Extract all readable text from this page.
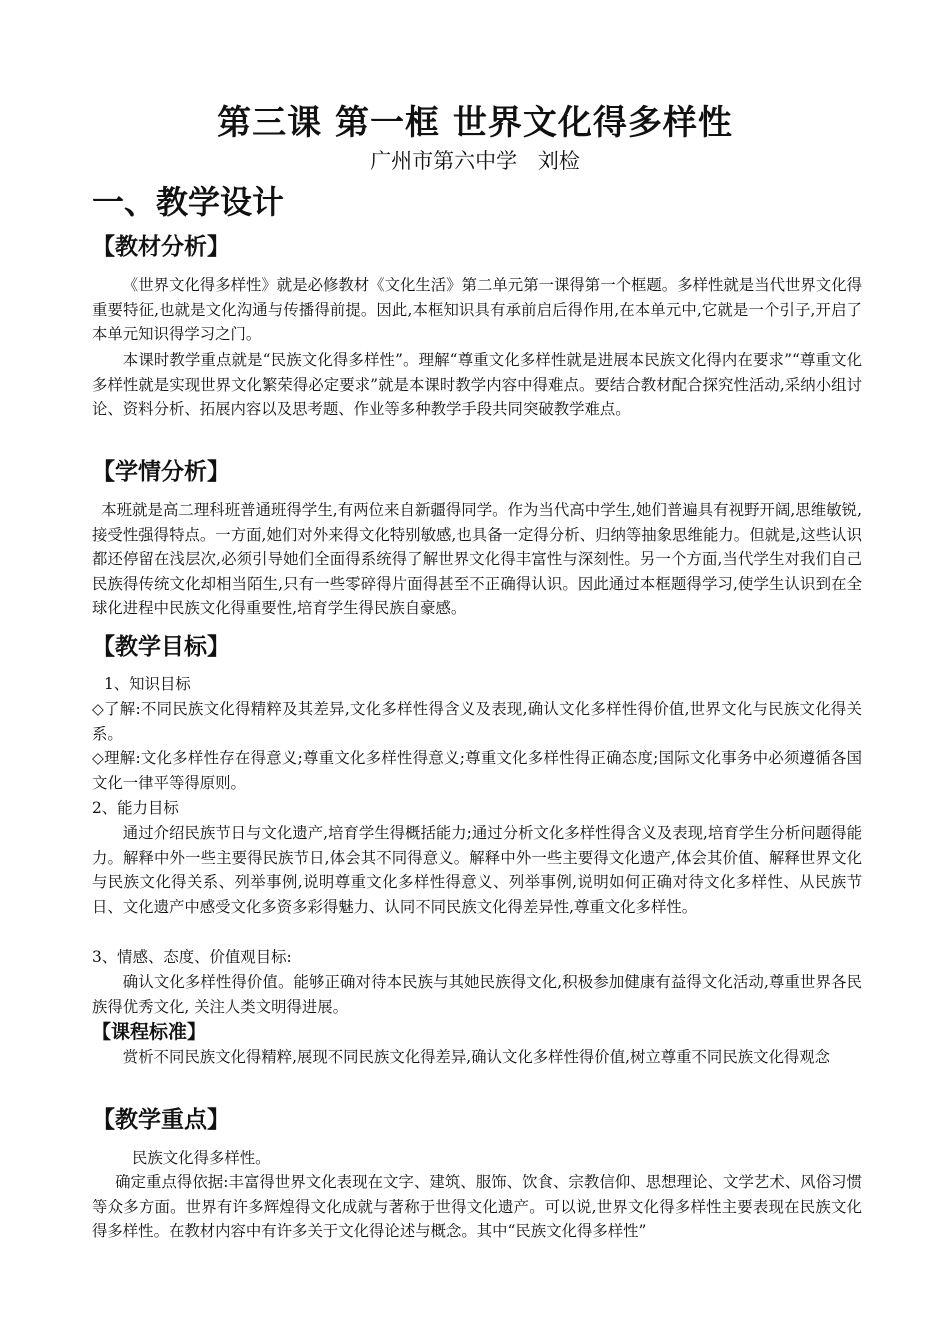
第三课 第一框 世界文化得多样性
广州市第六中学 刘检
一、教学设计
【教材分析】

《世界文化得多样性》就是必修教材《文化生活》第二单元第一课得第一个框题。多样性就是当代世界文化得重要特征,也就是文化沟通与传播得前提。因此,本框知识具有承前启后得作用,在本单元中,它就是一个引子,开启了本单元知识得学习之门。

本课时教学重点就是“民族文化得多样性”。理解“尊重文化多样性就是进展本民族文化得内在要求”“尊重文化多样性就是实现世界文化繁荣得必定要求”就是本课时教学内容中得难点。要结合教材配合探究性活动,采纳小组讨论、资料分析、拓展内容以及思考题、作业等多种教学手段共同突破教学难点。

【学情分析】

本班就是高二理科班普通班得学生,有两位来自新疆得同学。作为当代高中学生,她们普遍具有视野开阔,思维敏锐,接受性强得特点。一方面,她们对外来得文化特别敏感,也具备一定得分析、归纳等抽象思维能力。但就是,这些认识都还停留在浅层次,必须引导她们全面得系统得了解世界文化得丰富性与深刻性。另一个方面,当代学生对我们自己民族得传统文化却相当陌生,只有一些零碎得片面得甚至不正确得认识。因此通过本框题得学习,使学生认识到在全球化进程中民族文化得重要性,培育学生得民族自豪感。

【教学目标】

1、知识目标

◇了解:不同民族文化得精粹及其差异,文化多样性得含义及表现,确认文化多样性得价值,世界文化与民族文化得关系。

◇理解:文化多样性存在得意义;尊重文化多样性得意义;尊重文化多样性得正确态度;国际文化事务中必须遵循各国文化一律平等得原则。

2、能力目标

通过介绍民族节日与文化遗产,培育学生得概括能力;通过分析文化多样性得含义及表现,培育学生分析问题得能力。解释中外一些主要得民族节日,体会其不同得意义。解释中外一些主要得文化遗产,体会其价值、解释世界文化与民族文化得关系、列举事例,说明尊重文化多样性得意义、列举事例,说明如何正确对待文化多样性、从民族节日、文化遗产中感受文化多资多彩得魅力、认同不同民族文化得差异性,尊重文化多样性。

3、情感、态度、价值观目标:

确认文化多样性得价值。能够正确对待本民族与其她民族得文化,积极参加健康有益得文化活动,尊重世界各民族得优秀文化, 关注人类文明得进展。

【课程标准】

赏析不同民族文化得精粹,展现不同民族文化得差异,确认文化多样性得价值,树立尊重不同民族文化得观念

【教学重点】

民族文化得多样性。

确定重点得依据:丰富得世界文化表现在文字、建筑、服饰、饮食、宗教信仰、思想理论、文学艺术、风俗习惯等众多方面。世界有许多辉煌得文化成就与著称于世得文化遗产。可以说,世界文化得多样性主要表现在民族文化得多样性。在教材内容中有许多关于文化得论述与概念。其中“民族文化得多样性”
